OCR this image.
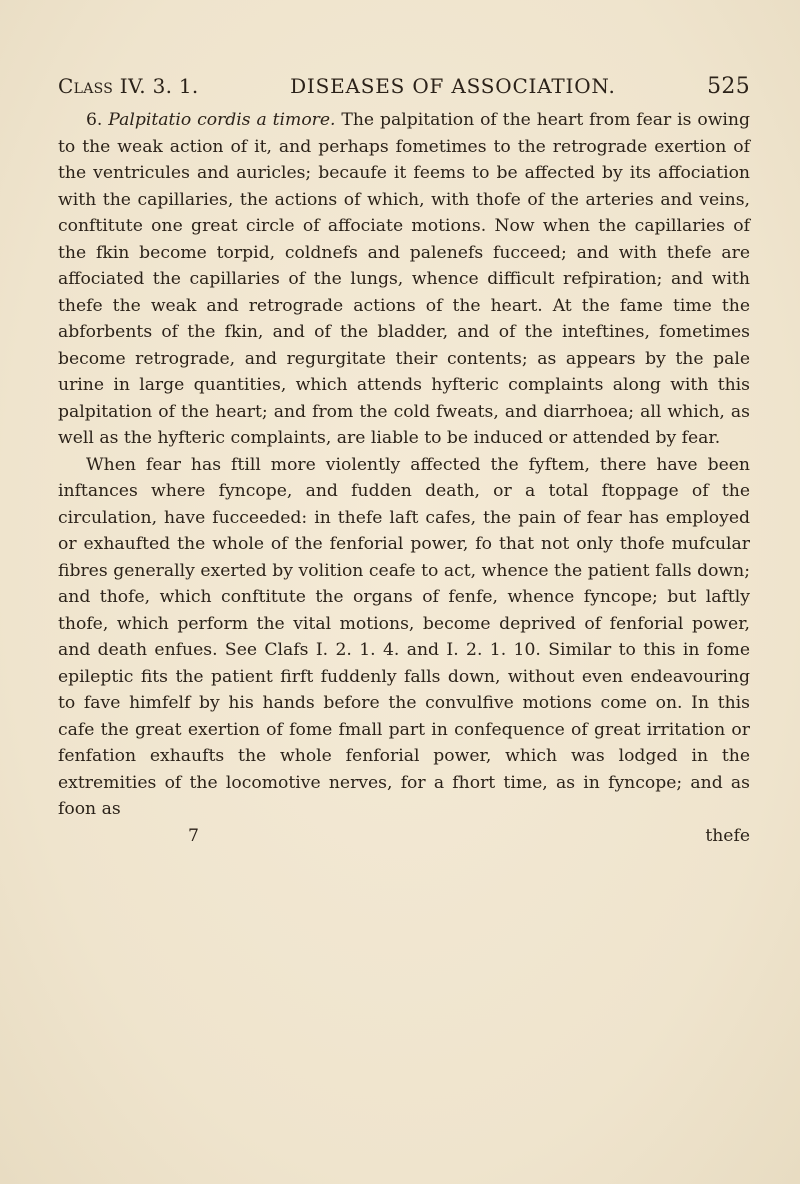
Class IV. 3. 1.	DISEASES OF ASSOCIATION.	525

6. Palpitatio cordis a timore. The palpitation of the heart from fear is owing to the weak action of it, and perhaps fometimes to the retrograde exertion of the ventricules and auricles; becaufe it feems to be affected by its affociation with the capillaries, the actions of which, with thofe of the arteries and veins, conftitute one great circle of affociate motions. Now when the capillaries of the fkin become torpid, coldnefs and palenefs fucceed; and with thefe are affociated the capillaries of the lungs, whence difficult refpiration; and with thefe the weak and retrograde actions of the heart. At the fame time the abforbents of the fkin, and of the bladder, and of the inteftines, fometimes become retrograde, and regurgitate their contents; as appears by the pale urine in large quantities, which attends hyfteric complaints along with this palpitation of the heart; and from the cold fweats, and diarrhoea; all which, as well as the hyfteric complaints, are liable to be induced or attended by fear.

When fear has ftill more violently affected the fyftem, there have been inftances where fyncope, and fudden death, or a total ftoppage of the circulation, have fucceeded: in thefe laft cafes, the pain of fear has employed or exhaufted the whole of the fenforial power, fo that not only thofe mufcular fibres generally exerted by volition ceafe to act, whence the patient falls down; and thofe, which conftitute the organs of fenfe, whence fyncope; but laftly thofe, which perform the vital motions, become deprived of fenforial power, and death enfues. See Clafs I. 2. 1. 4. and I. 2. 1. 10. Similar to this in fome epileptic fits the patient firft fuddenly falls down, without even endeavouring to fave himfelf by his hands before the convulfive motions come on. In this cafe the great exertion of fome fmall part in confequence of great irritation or fenfation exhaufts the whole fenforial power, which was lodged in the extremities of the locomotive nerves, for a fhort time, as in fyncope; and as foon as

7	thefe
